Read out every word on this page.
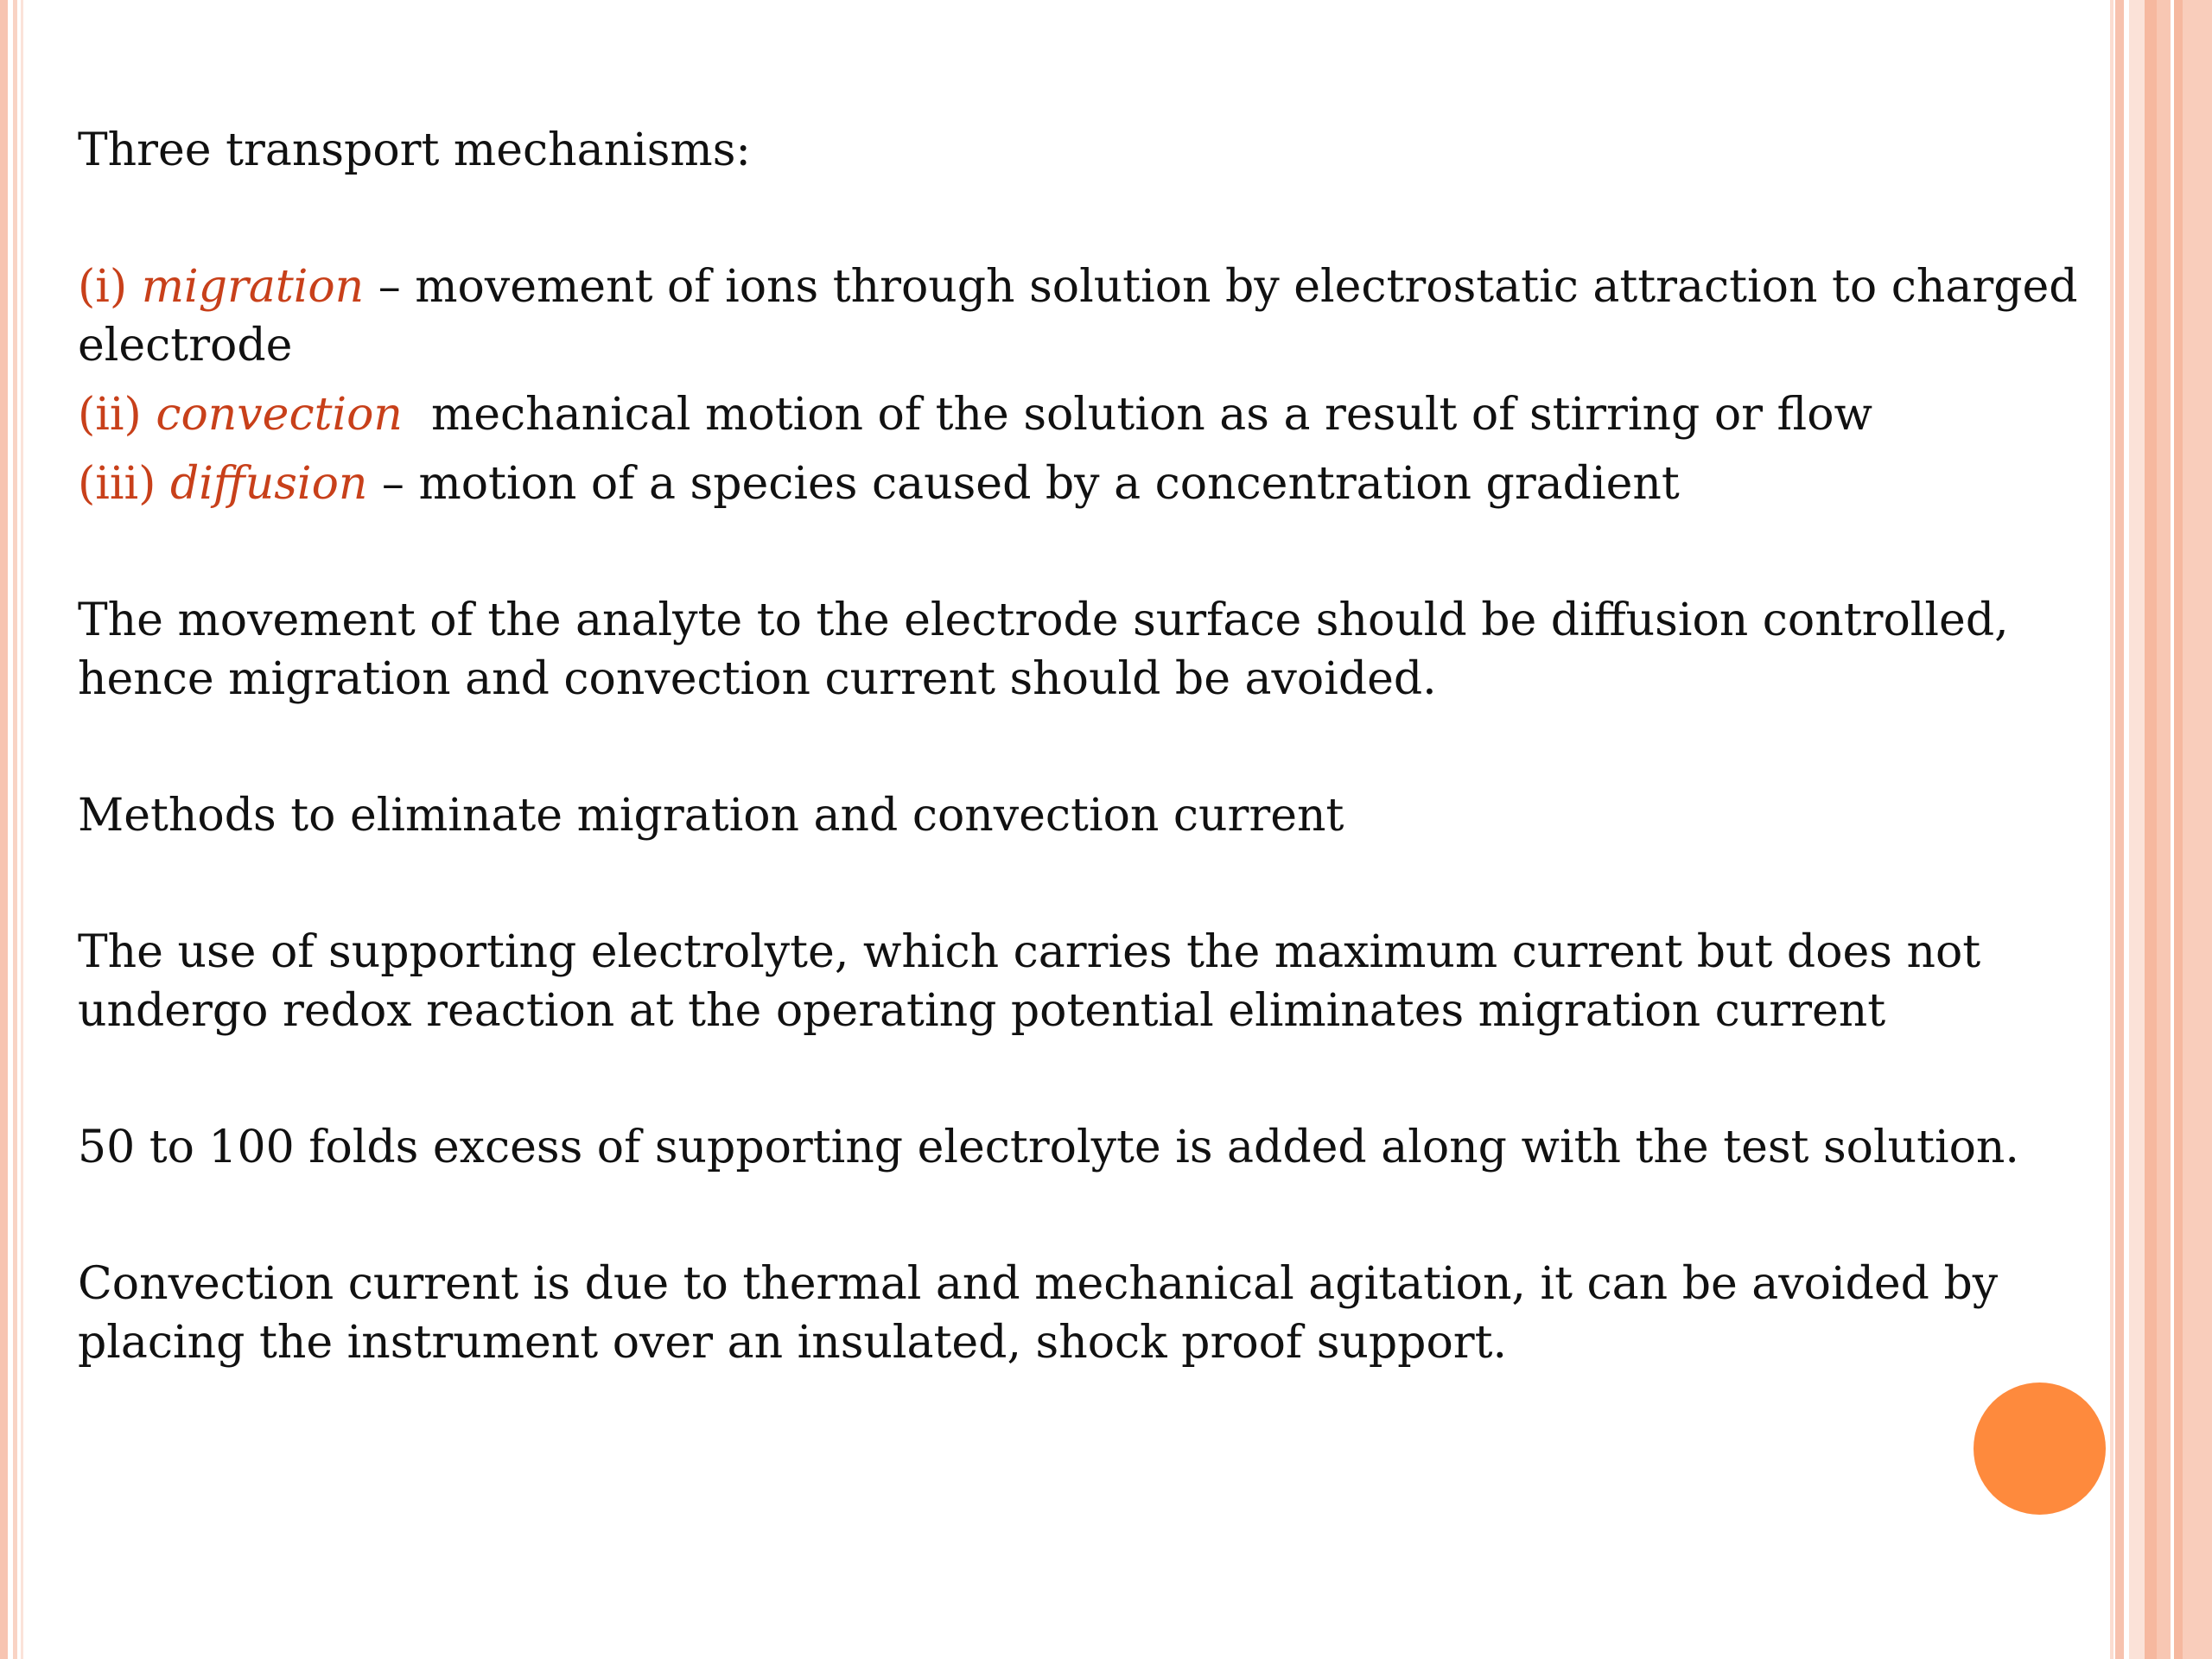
Three transport mechanisms:

(i) migration – movement of ions through solution by electrostatic attraction to charged electrode

(ii) convection mechanical motion of the solution as a result of stirring or flow

(iii) diffusion – motion of a species caused by a concentration gradient

The movement of the analyte to the electrode surface should be diffusion controlled, hence migration and convection current should be avoided.

Methods to eliminate migration and convection current

The use of supporting electrolyte, which carries the maximum current but does not undergo redox reaction at the operating potential eliminates migration current

50 to 100 folds excess of supporting electrolyte is added along with the test solution.

Convection current is due to thermal and mechanical agitation, it can be avoided by placing the instrument over an insulated, shock proof support.
